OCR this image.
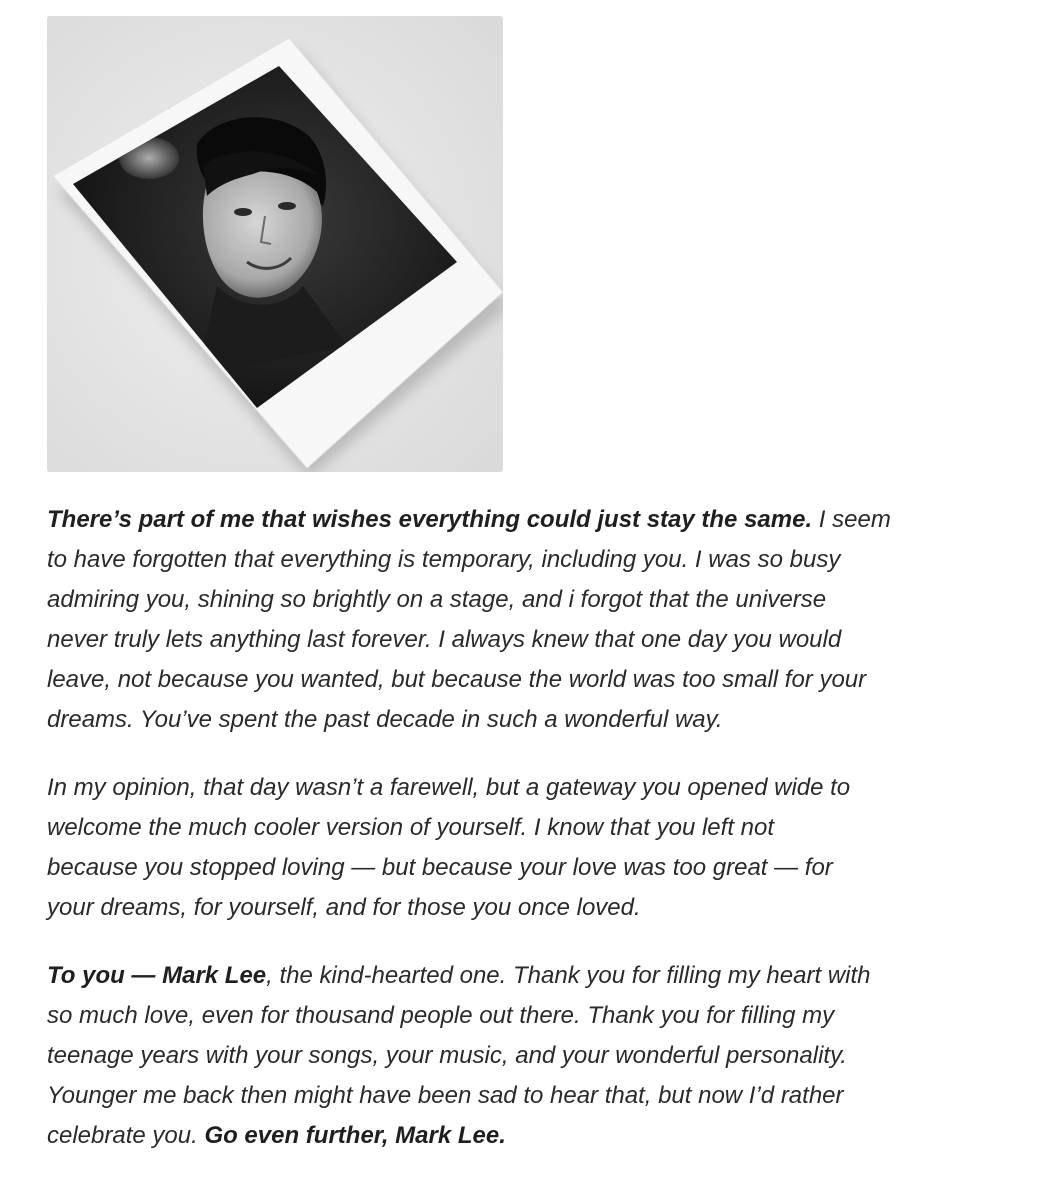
There’s part of me that wishes everything could just stay the same. I seem
to have forgotten that everything is temporary, including you. I was so busy
admiring you, shining so brightly on a stage, and i forgot that the universe
never truly lets anything last forever. I always knew that one day you would
leave, not because you wanted, but because the world was too small for your
dreams. You’ve spent the past decade in such a wonderful way.

In my opinion, that day wasn’t a farewell, but a gateway you opened wide to
welcome the much cooler version of yourself. I know that you left not
because you stopped loving — but because your love was too great — for
your dreams, for yourself, and for those you once loved.

To you — Mark Lee, the kind-hearted one. Thank you for filling my heart with
so much love, even for thousand people out there. Thank you for filling my
teenage years with your songs, your music, and your wonderful personality.
Younger me back then might have been sad to hear that, but now I’d rather
celebrate you. Go even further, Mark Lee.
